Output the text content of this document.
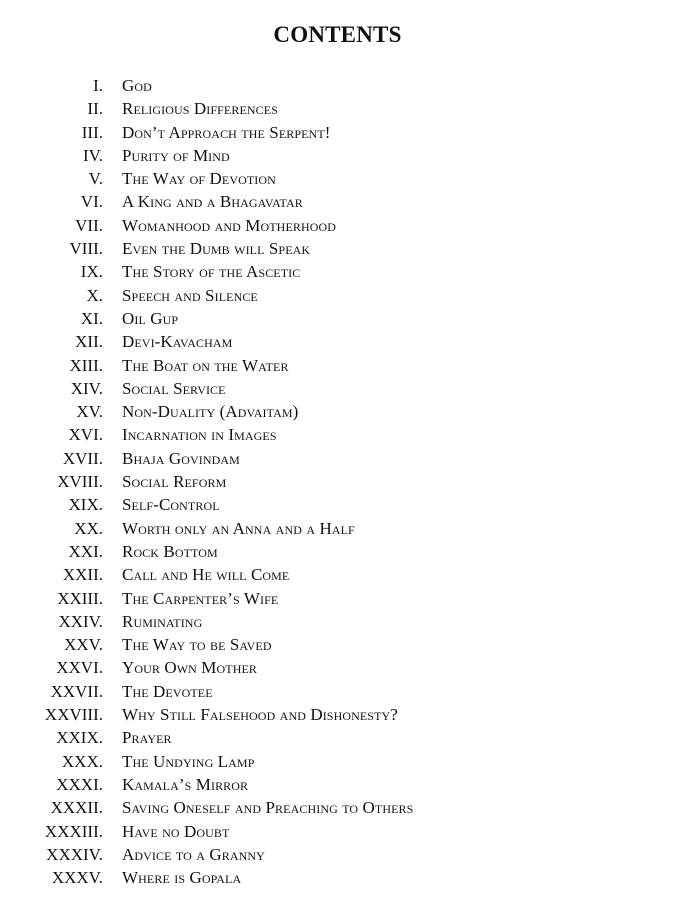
CONTENTS
I. God
II. Religious Differences
III. Don’t Approach the Serpent!
IV. Purity of Mind
V. The Way of Devotion
VI. A King and a Bhagavatar
VII. Womanhood and Motherhood
VIII. Even the Dumb will Speak
IX. The Story of the Ascetic
X. Speech and Silence
XI. Oil Gup
XII. Devi-Kavacham
XIII. The Boat on the Water
XIV. Social Service
XV. Non-Duality (Advaitam)
XVI. Incarnation in Images
XVII. Bhaja Govindam
XVIII. Social Reform
XIX. Self-Control
XX. Worth only an Anna and a Half
XXI. Rock Bottom
XXII. Call and He will Come
XXIII. The Carpenter’s Wife
XXIV. Ruminating
XXV. The Way to be Saved
XXVI. Your Own Mother
XXVII. The Devotee
XXVIII. Why Still Falsehood and Dishonesty?
XXIX. Prayer
XXX. The Undying Lamp
XXXI. Kamala’s Mirror
XXXII. Saving Oneself and Preaching to Others
XXXIII. Have no Doubt
XXXIV. Advice to a Granny
XXXV. Where is Gopala
